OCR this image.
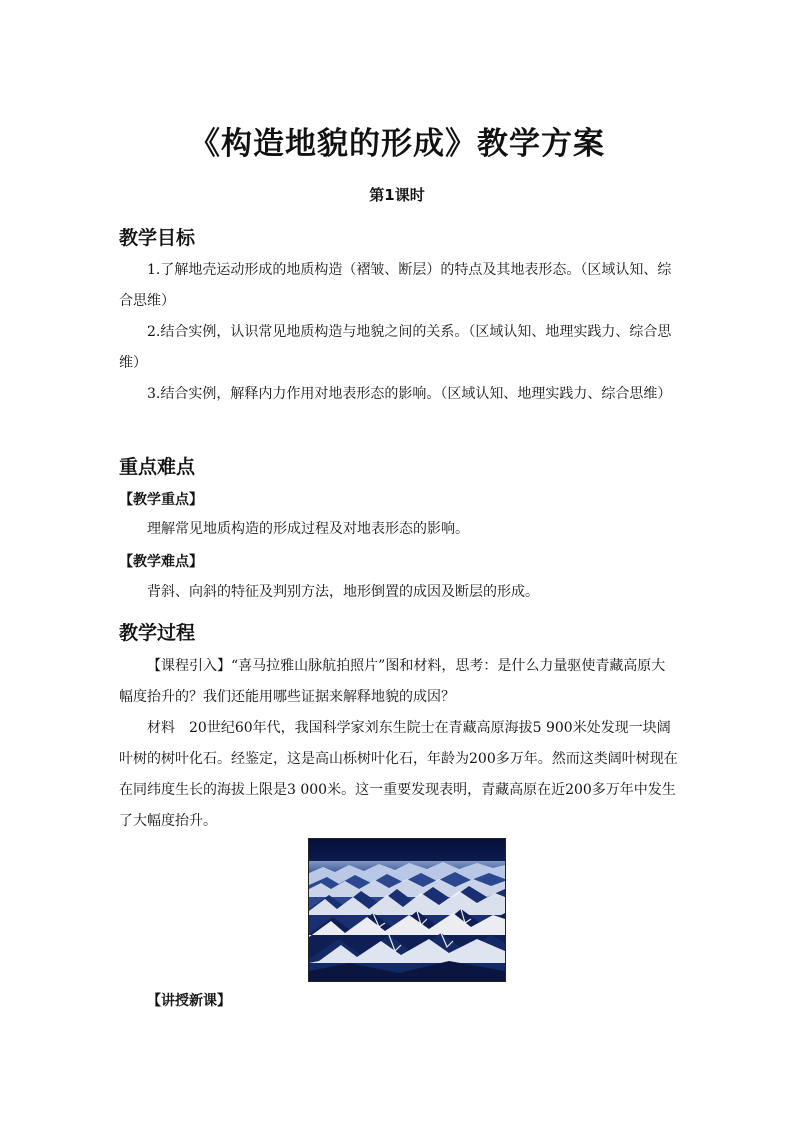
《构造地貌的形成》教学方案
第1课时
教学目标
1.了解地壳运动形成的地质构造（褶皱、断层）的特点及其地表形态。（区域认知、综合思维）
2.结合实例，认识常见地质构造与地貌之间的关系。（区域认知、地理实践力、综合思维）
3.结合实例，解释内力作用对地表形态的影响。（区域认知、地理实践力、综合思维）
重点难点
【教学重点】
理解常见地质构造的形成过程及对地表形态的影响。
【教学难点】
背斜、向斜的特征及判别方法，地形倒置的成因及断层的形成。
教学过程
【课程引入】“喜马拉雅山脉航拍照片”图和材料，思考：是什么力量驱使青藏高原大幅度抬升的？我们还能用哪些证据来解释地貌的成因？
材料　20世纪60年代，我国科学家刘东生院士在青藏高原海拔5 900米处发现一块阔叶树的树叶化石。经鉴定，这是高山栎树叶化石，年龄为200多万年。然而这类阔叶树现在在同纬度生长的海拔上限是3 000米。这一重要发现表明，青藏高原在近200多万年中发生了大幅度抬升。
【讲授新课】
